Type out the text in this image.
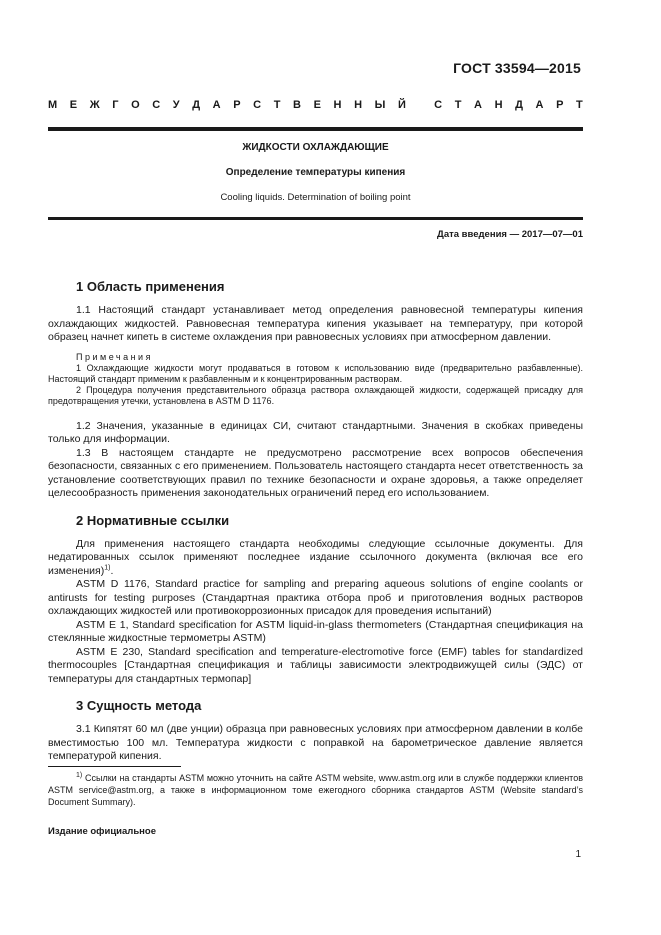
ГОСТ 33594—2015
М Е Ж Г О С У Д А Р С Т В Е Н Н Ы Й
	С Т А Н Д А Р Т
ЖИДКОСТИ ОХЛАЖДАЮЩИЕ
Определение температуры кипения
Cooling liquids. Determination of boiling point
Дата введения — 2017—07—01
1 Область применения

1.1 Настоящий стандарт устанавливает метод определения равновесной температуры кипения охлаждающих жидкостей. Равновесная температура кипения указывает на температуру, при которой образец начнет кипеть в системе охлаждения при равновесных условиях при атмосферном давлении.

Примечания

1 Охлаждающие жидкости могут продаваться в готовом к использованию виде (предварительно разбавленные). Настоящий стандарт применим к разбавленным и к концентрированным растворам.

2 Процедура получения представительного образца раствора охлаждающей жидкости, содержащей присадку для предотвращения утечки, установлена в ASTM D 1176.

1.2 Значения, указанные в единицах СИ, считают стандартными. Значения в скобках приведены только для информации.

1.3 В настоящем стандарте не предусмотрено рассмотрение всех вопросов обеспечения безопасности, связанных с его применением. Пользователь настоящего стандарта несет ответственность за установление соответствующих правил по технике безопасности и охране здоровья, а также определяет целесообразность применения законодательных ограничений перед его использованием.

2 Нормативные ссылки

Для применения настоящего стандарта необходимы следующие ссылочные документы. Для недатированных ссылок применяют последнее издание ссылочного документа (включая все его изменения)$^{1)}$.

ASTM D 1176, Standard practice for sampling and preparing aqueous solutions of engine coolants or antirusts for testing purposes (Стандартная практика отбора проб и приготовления водных растворов охлаждающих жидкостей или противокоррозионных присадок для проведения испытаний)

ASTM E 1, Standard specification for ASTM liquid-in-glass thermometers (Стандартная спецификация на стеклянные жидкостные термометры ASTM)

ASTM E 230, Standard specification and temperature-electromotive force (EMF) tables for standardized thermocouples [Стандартная спецификация и таблицы зависимости электродвижущей силы (ЭДС) от температуры для стандартных термопар]

3 Сущность метода

3.1 Кипятят 60 мл (две унции) образца при равновесных условиях при атмосферном давлении в колбе вместимостью 100 мл. Температура жидкости с поправкой на барометрическое давление является температурой кипения.

$^{1)}$ Ссылки на стандарты ASTM можно уточнить на сайте ASTM website, www.astm.org или в службе поддержки клиентов ASTM service@astm.org, а также в информационном томе ежегодного сборника стандартов ASTM (Website standard’s Document Summary).
Издание официальное
1
